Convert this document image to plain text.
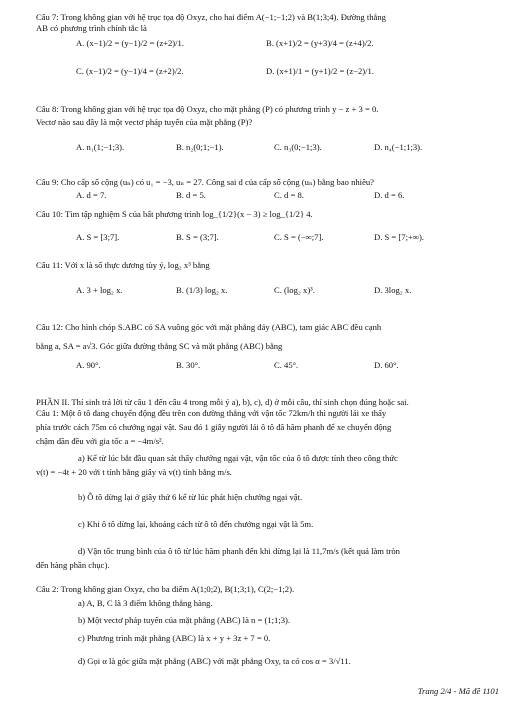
Câu 7: Trong không gian với hệ trục tọa độ Oxyz, cho hai điểm A(−1;−1;2) và B(1;3;4). Đường thẳng
AB có phương trình chính tắc là
A. (x−1)/2 = (y−1)/2 = (z+2)/1.	B. (x+1)/2 = (y+3)/4 = (z+4)/2.
C. (x−1)/2 = (y−1)/4 = (z+2)/2.	D. (x+1)/1 = (y+1)/2 = (z−2)/1.
Câu 8: Trong không gian với hệ trục tọa độ Oxyz, cho mặt phẳng (P) có phương trình y − z + 3 = 0.
Vectơ nào sau đây là một vectơ pháp tuyến của mặt phẳng (P)?
A. n₁(1;−1;3).	B. n₂(0;1;−1).	C. n₃(0;−1;3).	D. n₄(−1;1;3).
Câu 9: Cho cấp số cộng (uₙ) có u₁ = −3, uₙ = 27. Công sai d của cấp số cộng (uₙ) bằng bao nhiêu?
A. d = 7.	B. d = 5.	C. d = 8.	D. d = 6.
Câu 10: Tìm tập nghiệm S của bất phương trình log_{1/2}(x − 3) ≥ log_{1/2} 4.
A. S = [3;7].	B. S = (3;7].	C. S = (−∞;7].	D. S = [7;+∞).
Câu 11: Với x là số thực dương tùy ý, log₂ x³ bằng
A. 3 + log₂ x.	B. (1/3) log₂ x.	C. (log₂ x)³.	D. 3log₂ x.
Câu 12: Cho hình chóp S.ABC có SA vuông góc với mặt phẳng đáy (ABC), tam giác ABC đều cạnh
bằng a, SA = a√3. Góc giữa đường thẳng SC và mặt phẳng (ABC) bằng
A. 90°.	B. 30°.	C. 45°.	D. 60°.
PHẦN II. Thí sinh trả lời từ câu 1 đến câu 4 trong mỗi ý a), b), c), d) ở mỗi câu, thí sinh chọn đúng hoặc sai.
Câu 1: Một ô tô đang chuyển động đều trên con đường thẳng với vận tốc 72km/h thì người lái xe thấy
phía trước cách 75m có chướng ngại vật. Sau đó 1 giây người lái ô tô đã hãm phanh để xe chuyển động
chậm dần đều với gia tốc a = −4m/s².
a) Kể từ lúc bắt đầu quan sát thấy chướng ngại vật, vận tốc của ô tô được tính theo công thức
v(t) = −4t + 20 với t tính bằng giây và v(t) tính bằng m/s.
b) Ô tô dừng lại ở giây thứ 6 kể từ lúc phát hiện chướng ngại vật.
c) Khi ô tô dừng lại, khoảng cách từ ô tô đến chướng ngại vật là 5m.
d) Vận tốc trung bình của ô tô từ lúc hãm phanh đến khi dừng lại là 11,7m/s (kết quả làm tròn
đến hàng phần chục).
Câu 2: Trong không gian Oxyz, cho ba điểm A(1;0;2), B(1;3;1), C(2;−1;2).
a) A, B, C là 3 điểm không thẳng hàng.
b) Một vectơ pháp tuyến của mặt phẳng (ABC) là n = (1;1;3).
c) Phương trình mặt phẳng (ABC) là x + y + 3z + 7 = 0.
d) Gọi α là góc giữa mặt phẳng (ABC) với mặt phẳng Oxy, ta có cos α = 3/√11.
Trang 2/4 - Mã đề 1101
